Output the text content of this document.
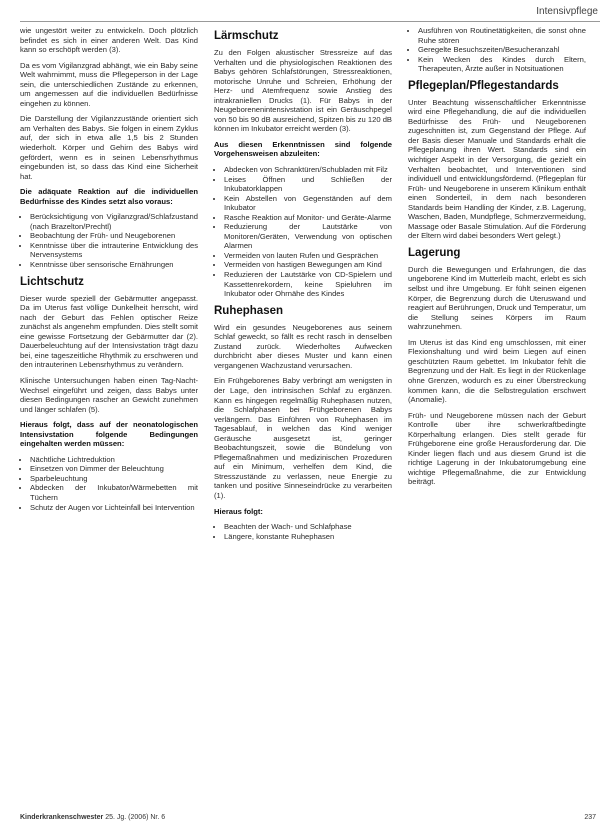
Intensivpflege

wie ungestört weiter zu entwickeln. Doch plötzlich befindet es sich in einer anderen Welt. Das Kind kann so erschöpft werden (3).

Da es vom Vigilanzgrad abhängt, wie ein Baby seine Welt wahrnimmt, muss die Pflegeperson in der Lage sein, die unterschiedlichen Zustände zu erkennen, um angemessen auf die individuellen Bedürfnisse eingehen zu können.

Die Darstellung der Vigilanzzustände orientiert sich am Verhalten des Babys. Sie folgen in einem Zyklus auf, der sich in etwa alle 1,5 bis 2 Stunden wiederholt. Körper und Gehirn des Babys wird gefördert, wenn es in seinen Lebensrhythmus eingebunden ist, so dass das Kind eine Sicherheit hat.

Die adäquate Reaktion auf die individuellen Bedürfnisse des Kindes setzt also voraus:

• Berücksichtigung von Vigilanzgrad/Schlafzustand (nach Brazelton/Prechtl)
• Beobachtung der Früh- und Neugeborenen
• Kenntnisse über die intrauterine Entwicklung des Nervensystems
• Kenntnisse über sensorische Ernährungen
Lichtschutz

Dieser wurde speziell der Gebärmutter angepasst. Da im Uterus fast völlige Dunkelheit herrscht, wird nach der Geburt das Fehlen optischer Reize zunächst als angenehm empfunden. Dies stellt somit eine gewisse Fortsetzung der Gebärmutter dar (2). Dauerbeleuchtung auf der Intensivstation trägt dazu bei, eine tageszeitliche Rhythmik zu erschweren und den intrauterinen Lebensrhythmus zu verändern.

Klinische Untersuchungen haben einen Tag-Nacht-Wechsel eingeführt und zeigen, dass Babys unter diesen Bedingungen rascher an Gewicht zunehmen und länger schlafen (5).

Hieraus folgt, dass auf der neonatologischen Intensivstation folgende Bedingungen eingehalten werden müssen:

• Nächtliche Lichtreduktion
• Einsetzen von Dimmer der Beleuchtung
• Sparbeleuchtung
• Abdecken der Inkubator/Wärmebetten mit Tüchern
• Schutz der Augen vor Lichteinfall bei Intervention
Lärmschutz

Zu den Folgen akustischer Stressreize auf das Verhalten und die physiologischen Reaktionen des Babys gehören Schlafstörungen, Stressreaktionen, motorische Unruhe und Schreien, Erhöhung der Herz- und Atemfrequenz sowie Anstieg des intrakraniellen Drucks (1). Für Babys in der Neugeborenenintensivstation ist ein Geräuschpegel von 50 bis 90 dB ausreichend, Spitzen bis zu 120 dB können im Inkubator erreicht werden (3).

Aus diesen Erkenntnissen sind folgende Vorgehensweisen abzuleiten:

• Abdecken von Schranktüren/Schubladen mit Filz
• Leises Öffnen und Schließen der Inkubatorklappen
• Kein Abstellen von Gegenständen auf dem Inkubator
• Rasche Reaktion auf Monitor- und Geräte-Alarme
• Reduzierung der Lautstärke von Monitoren/Geräten, Verwendung von optischen Alarmen
• Vermeiden von lauten Rufen und Gesprächen
• Vermeiden von hastigen Bewegungen am Kind
• Reduzieren der Lautstärke von CD-Spielern und Kassettenrekordern, keine Spieluhren im Inkubator oder Ohrnähe des Kindes
Ruhephasen

Wird ein gesundes Neugeborenes aus seinem Schlaf geweckt, so fällt es recht rasch in denselben Zustand zurück. Wiederholtes Aufwecken durchbricht aber dieses Muster und kann einen vergangenen Wachzustand verursachen.

Ein Frühgeborenes Baby verbringt am wenigsten in der Lage, den intrinsischen Schlaf zu ergänzen. Kann es hingegen regelmäßig Ruhephasen nutzen, die Schlafphasen bei Frühgeborenen Babys verlängern. Das Einführen von Ruhephasen im Tagesablauf, in welchen das Kind weniger Geräusche ausgesetzt ist, geringer Beobachtungszeit, sowie die Bündelung von Pflegemaßnahmen und medizinischen Prozeduren auf ein Minimum, verhelfen dem Kind, die Stresszustände zu verlassen, neue Energie zu tanken und positive Sinneseindrücke zu verarbeiten (1).

Hieraus folgt:

• Beachten der Wach- und Schlafphase
• Längere, konstante Ruhephasen
• Ausführen von Routinetätigkeiten, die sonst ohne Ruhe stören
• Geregelte Besuchszeiten/Besucheranzahl
• Kein Wecken des Kindes durch Eltern, Therapeuten, Ärzte außer in Notsituationen
Pflegeplan/Pflegestandards

Unter Beachtung wissenschaftlicher Erkenntnisse wird eine Pflegehandlung, die auf die individuellen Bedürfnisse des Früh- und Neugeborenen zugeschnitten ist, zum Gegenstand der Pflege. Auf der Basis dieser Manuale und Standards erhält die Pflegeplanung ihren Wert. Standards sind ein wichtiger Aspekt in der Versorgung, die gezielt ein Verhalten beobachtet, und Interventionen sind individuell und entwicklungsfördernd. (Pflegeplan für Früh- und Neugeborene in unserem Klinikum enthält einen Sonderteil, in dem nach besonderen Standards beim Handling der Kinder, z.B. Lagerung, Waschen, Baden, Mundpflege, Schmerzvermeidung, Massage oder Basale Stimulation. Auf die Förderung der Eltern wird dabei besonders Wert gelegt.)

Lagerung

Durch die Bewegungen und Erfahrungen, die das ungeborene Kind im Mutterleib macht, erlebt es sich selbst und ihre Umgebung. Er fühlt seinen eigenen Körper, die Begrenzung durch die Uteruswand und reagiert auf Berührungen, Druck und Temperatur, um die Stellung seines Körpers im Raum wahrzunehmen.

Im Uterus ist das Kind eng umschlossen, mit einer Flexionshaltung und wird beim Liegen auf einen geschützten Raum gebettet. Im Inkubator fehlt die Begrenzung und der Halt. Es liegt in der Rückenlage ohne Grenzen, wodurch es zu einer Überstreckung kommen kann, die die Selbstregulation erschwert (Anomalie).

Früh- und Neugeborene müssen nach der Geburt Kontrolle über ihre schwerkraftbedingte Körperhaltung erlangen. Dies stellt gerade für Frühgeborene eine große Herausforderung dar. Die Kinder liegen flach und aus diesem Grund ist die richtige Lagerung in der Inkubatorumgebung eine wichtige Pflegemaßnahme, die zur Entwicklung beiträgt.

Kinderkrankenschwester 25. Jg. (2006) Nr. 6	237
